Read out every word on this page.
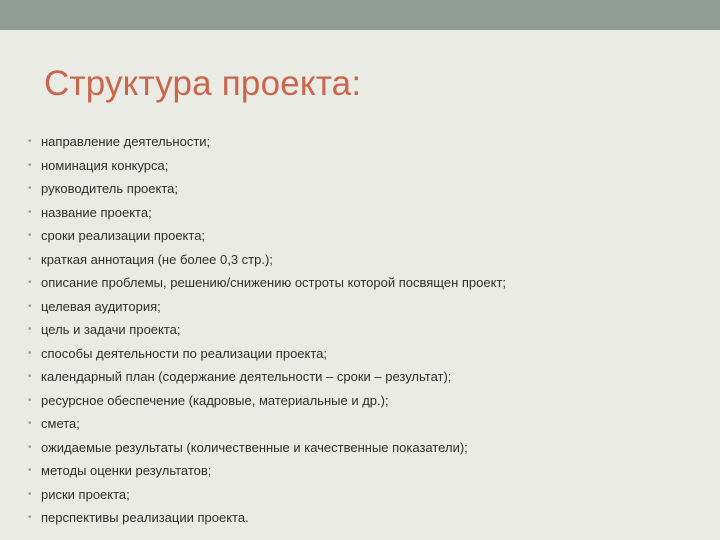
Структура проекта:
• направление деятельности;
• номинация конкурса;
• руководитель проекта;
• название проекта;
• сроки реализации проекта;
• краткая аннотация (не более 0,3 стр.);
• описание проблемы, решению/снижению остроты которой посвящен проект;
• целевая аудитория;
• цель и задачи проекта;
• способы деятельности по реализации проекта;
• календарный план (содержание деятельности – сроки – результат);
• ресурсное обеспечение (кадровые, материальные и др.);
• смета;
• ожидаемые результаты (количественные и качественные показатели);
• методы оценки результатов;
• риски проекта;
• перспективы реализации проекта.
